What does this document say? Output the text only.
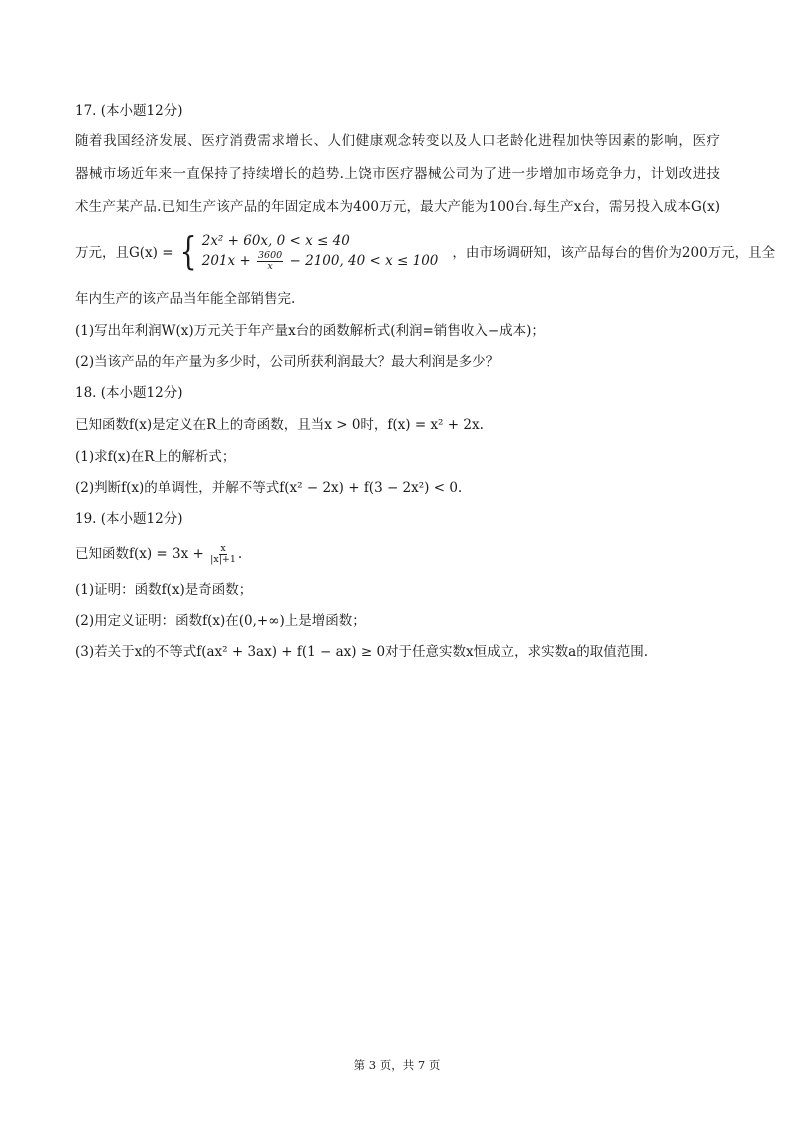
17. (本小题12分)
随着我国经济发展、医疗消费需求增长、人们健康观念转变以及人口老龄化进程加快等因素的影响，医疗
器械市场近年来一直保持了持续增长的趋势.上饶市医疗器械公司为了进一步增加市场竞争力，计划改进技
术生产某产品.已知生产该产品的年固定成本为400万元，最大产能为100台.每生产x台，需另投入成本G(x)
万元，且G(x) = { 2x² + 60x, 0 < x ≤ 40
$201x + \frac{3600}{x} - 2100$, 40 < x ≤ 100 ，由市场调研知，该产品每台的售价为200万元，且全
年内生产的该产品当年能全部销售完.
(1)写出年利润W(x)万元关于年产量x台的函数解析式(利润=销售收入−成本)；
(2)当该产品的年产量为多少时，公司所获利润最大？最大利润是多少？
18. (本小题12分)
已知函数f(x)是定义在R上的奇函数，且当x > 0时，f(x) = x² + 2x.
(1)求f(x)在R上的解析式；
(2)判断f(x)的单调性，并解不等式f(x² − 2x) + f(3 − 2x²) < 0.
19. (本小题12分)
已知函数$f(x) = 3x + \frac{x}{|x|+1}$ .
(1)证明：函数f(x)是奇函数；
(2)用定义证明：函数f(x)在(0,+∞)上是增函数；
(3)若关于x的不等式f(ax² + 3ax) + f(1 − ax) ≥ 0对于任意实数x恒成立，求实数a的取值范围.
第 3 页，共 7 页
